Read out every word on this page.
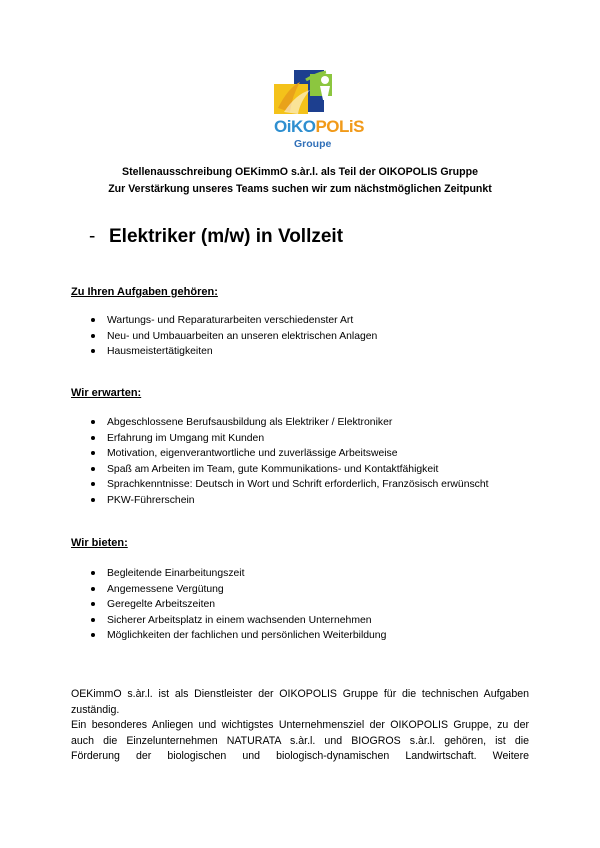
OiKOPOLiS
Groupe
Stellenausschreibung OEKimmO s.àr.l. als Teil der OIKOPOLIS Gruppe
Zur Verstärkung unseres Teams suchen wir zum nächstmöglichen Zeitpunkt
- Elektriker (m/w) in Vollzeit
Zu Ihren Aufgaben gehören:
Wartungs- und Reparaturarbeiten verschiedenster Art
Neu- und Umbauarbeiten an unseren elektrischen Anlagen
Hausmeistertätigkeiten
Wir erwarten:
Abgeschlossene Berufsausbildung als Elektriker / Elektroniker
Erfahrung im Umgang mit Kunden
Motivation, eigenverantwortliche und zuverlässige Arbeitsweise
Spaß am Arbeiten im Team, gute Kommunikations- und Kontaktfähigkeit
Sprachkenntnisse: Deutsch in Wort und Schrift erforderlich, Französisch erwünscht
PKW-Führerschein
Wir bieten:
Begleitende Einarbeitungszeit
Angemessene Vergütung
Geregelte Arbeitszeiten
Sicherer Arbeitsplatz in einem wachsenden Unternehmen
Möglichkeiten der fachlichen und persönlichen Weiterbildung
OEKimmO s.àr.l. ist als Dienstleister der OIKOPOLIS Gruppe für die technischen Aufgaben
zuständig.
Ein besonderes Anliegen und wichtigstes Unternehmensziel der OIKOPOLIS Gruppe, zu der
auch die Einzelunternehmen NATURATA s.àr.l. und BIOGROS s.àr.l. gehören, ist die
Förderung der biologischen und biologisch-dynamischen Landwirtschaft. Weitere
